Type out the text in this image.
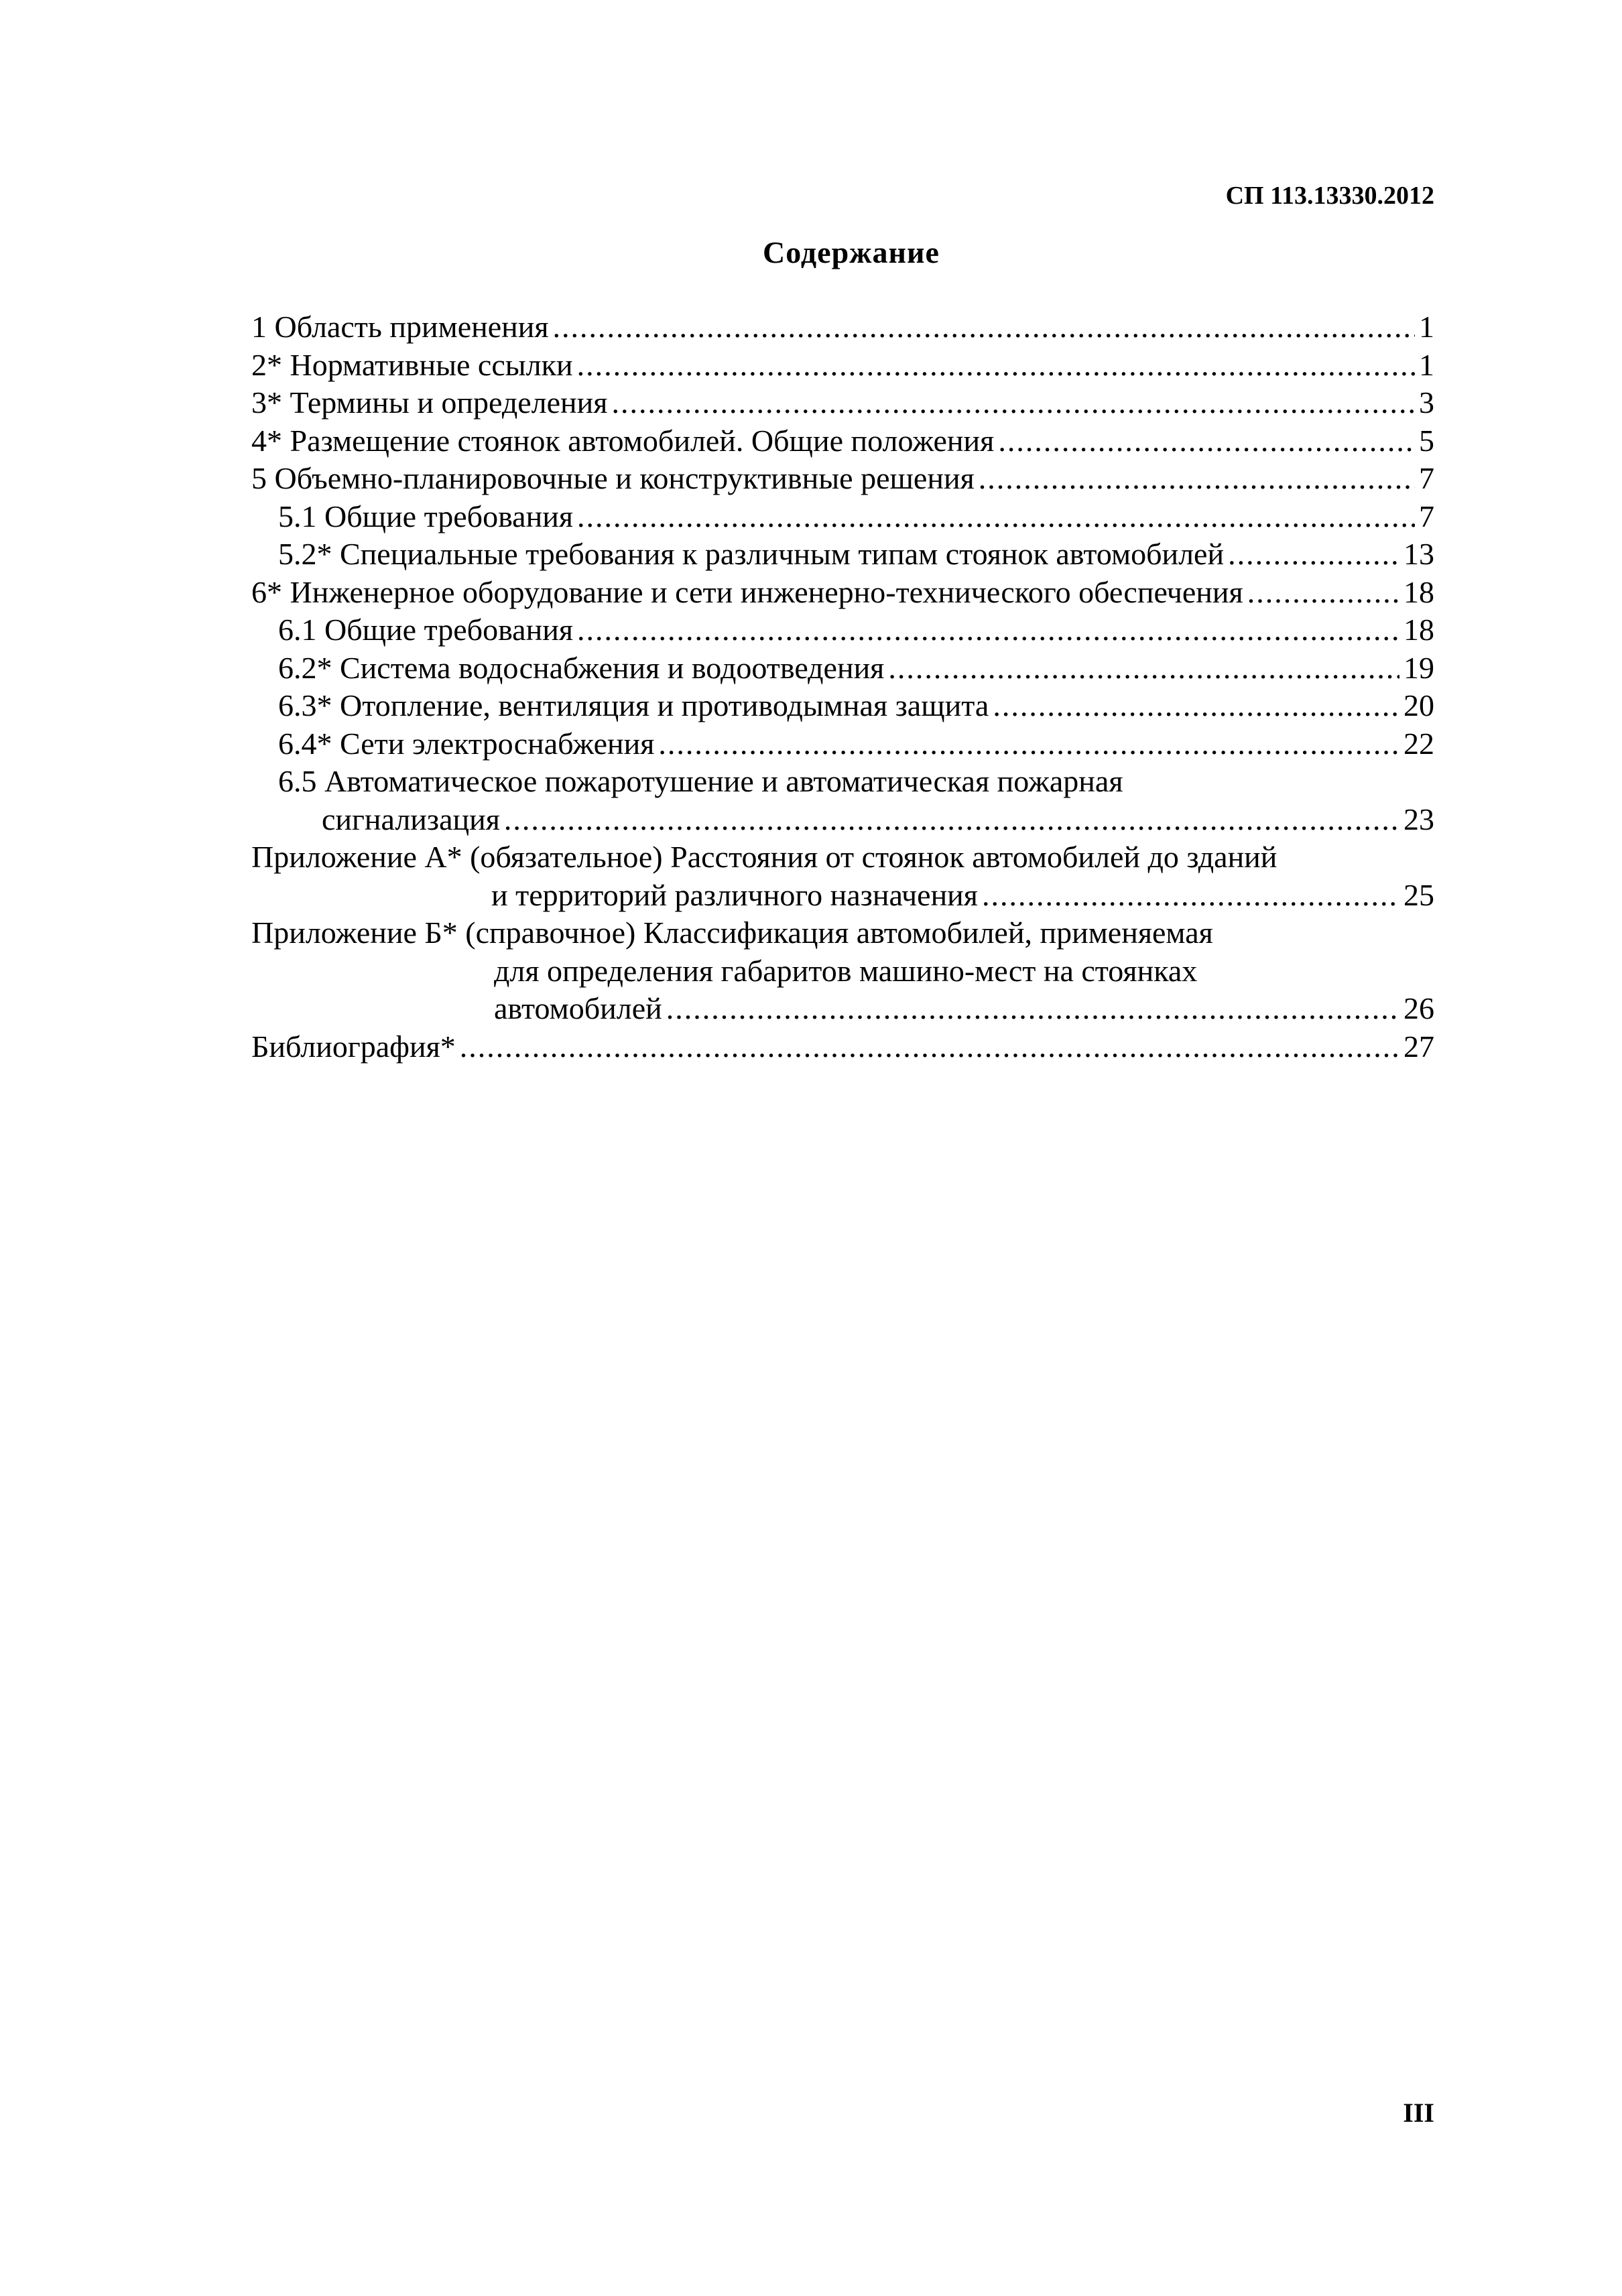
СП 113.13330.2012
Содержание
1 Область применения .....	1
2* Нормативные ссылки .....	1
3* Термины и определения .....	3
4* Размещение стоянок автомобилей. Общие положения .....	5
5 Объемно-планировочные и конструктивные решения .....	7
5.1 Общие требования .....	7
5.2* Специальные требования к различным типам стоянок автомобилей .....	13
6* Инженерное оборудование и сети инженерно-технического обеспечения .....	18
6.1 Общие требования .....	18
6.2* Система водоснабжения и водоотведения .....	19
6.3* Отопление, вентиляция и противодымная защита .....	20
6.4* Сети электроснабжения .....	22
6.5 Автоматическое пожаротушение и автоматическая пожарная
сигнализация .....	23
Приложение А* (обязательное) Расстояния от стоянок автомобилей до зданий
и территорий различного назначения .....	25
Приложение Б* (справочное) Классификация автомобилей, применяемая
для определения габаритов машино-мест на стоянках
автомобилей .....	26
Библиография* .....	27
III
